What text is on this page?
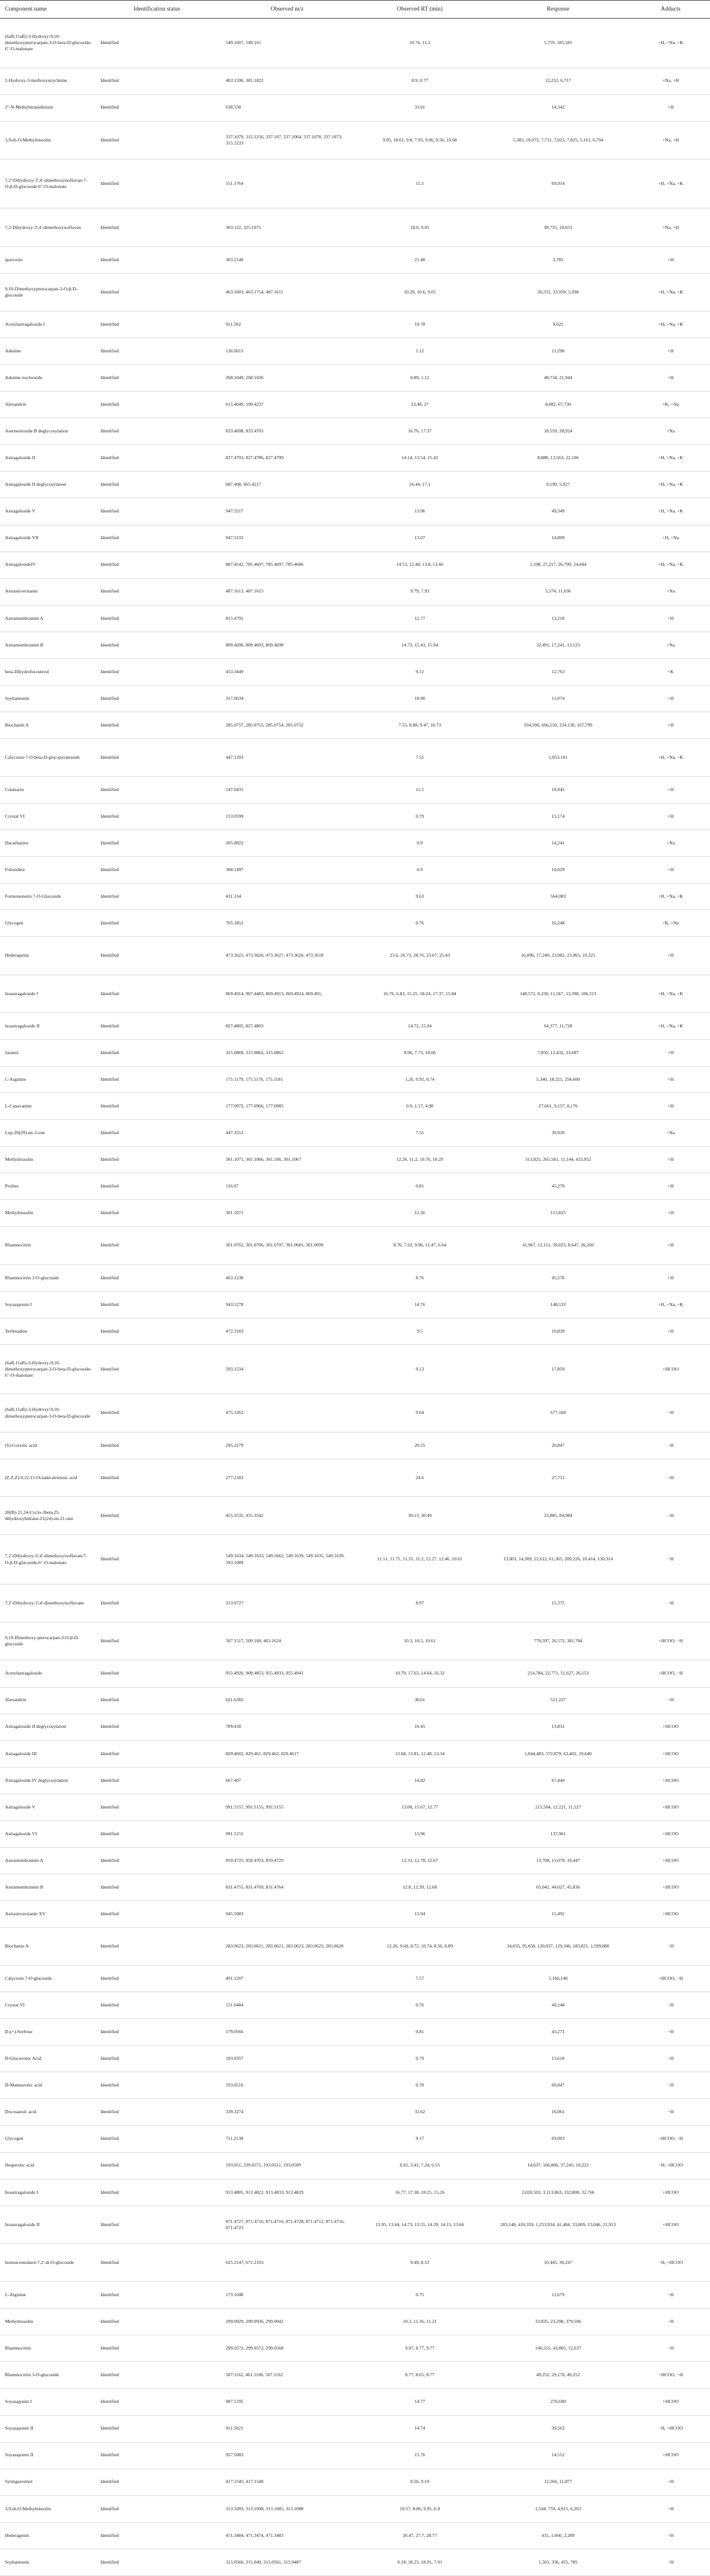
Component name	Identification status	Observed m/z	Observed RT (min)	Response	Adducts
(6aR,11aR)-3-Hydroxy-9,10-dimethoxypterocarpan-3-O-beta-D-glucoside-6"-O-malonate	Identified	549.1607, 549.161	10.76, 11.2	5,759, 185,581	+H, +Na, +K
2-Hydroxy-3-methoxystrychnine	Identified	403.1596, 381.1822	0.9, 0.77	12,252, 6,717	+Na, +H
2''-N-Methylstranidinium	Identified	638.558	31.01	14,342	+H
3,9-di-O-Methylnissolin	Identified	337.1079, 315.1256, 337.107, 337.1064, 337.1078, 337.1073, 315.1233	9.95, 18.61, 9.8, 7.93, 9.06, 9.56, 10.68	5,383, 10,072, 7,711, 7,023, 7,825, 5,161, 6,704	+Na, +H
7,2'-Dihydroxy-3',4'-dimethoxyisoflavan-7-O-β-D-glucoside-6"-O-malonate	Identified	551.1764	11.5	69,914	+H, +Na, +K
7,2-Dihydroxy-3',4'-dimethoxyisoflavan	Identified	303.122, 325.1075	10.6, 9.05	49,755, 10,653	+Na, +H
quercetin	Identified	303.2140	21.48	3,785	+H
9,10-Dimethoxypterocarpan-3-O-β-D-glucoside	Identified	463.1603, 463.1754, 487.1611	10.29, 10.6, 9.05	36,531, 33,939, 5,938	+H, +Na, +K
Acetylastragaloside I	Identified	911.502	19.78	9,625	+H, +Na, +K
Adenine	Identified	136.0615	1.12	11,290	+H
Adenine nucleoside	Identified	268.1049, 268.1036	0.89, 1.12	48,734, 21,944	+H
Alexandrin	Identified	615.4049, 599.4237	23.48, 27	8,082, 67,730	+K, +Na
Asernestioside B deglycosylation	Identified	833.4698, 833.4703	16.76, 17.37	18,559, 28,924	+Na
Astragaloside II	Identified	827.4793, 827.4786, 827.4799	14.14, 13.54, 15.43	8,888, 13,563, 22,106	+H, +Na, +K
Astragaloside II deglycosylation	Identified	687.408, 665.4217	16.44, 17.1	9,190, 5,927	+H, +Na, +K
Astragaloside V	Identified	947.5217	13.96	49,349	+H, +Na, +K
Astragaloside VII	Identified	947.5233	13.07	14,809	+H, +Na
AstragalosideIV	Identified	807.4542, 785.4697, 785.4697, 785.4686	14.53, 12.48, 13.8, 13.66	5,198, 27,217, 26,799, 24,844	+H, +Na, +K
Astrasieversianin	Identified	487.1613, 487.1615	9.79, 7.93	5,574, 11,636	+Na
Astramembrannin A	Identified	815.4791	12.77	11,218	+H
Astramembrannin B	Identified	809.4696, 809.4693, 809.4698	14.73, 15.43, 15.94	32,491, 17,241, 13,123	+Na
beta-Dihydrofucosterol	Identified	453.3449	9.12	12,763	+K
Soyhannsnin	Identified	317.0634	18.90	11,074	+H
Biochanin A	Identified	285.0757, 285.0755, 285.0754, 285.0752	7.55, 8.88, 9.47, 10.73	934,596, 666,150, 234,130, 167,799	+H
Calycosin-7-O-beta-D-glucopyranoside	Identified	447.1293	7.55	1,053,101	+H, +Na, +K
Coumarin	Identified	147.0431	11.5	10,945	+H
Crystal VI	Identified	153.0599	0.79	13,174	+H
Dacarbazine	Identified	205.0822	0.9	14,241	+Na
Folosidine	Identified	308.1497	0.9	10,029	+H
Formononetin 7-O-Glucoside	Identified	431.134	9.63	564,083	+H, +Na, +K
Glycogen	Identified	705.1852	0.76	16,248	+K, +Na
Hederagenin	Identified	473.3621, 473.3626, 473.3627, 473.3626, 473.3618	23.6, 26.73, 28.76, 23.67, 25.43	16,096, 17,249, 23,982, 23,965, 10,325	+H
Isoastragaloside I	Identified	869.4914, 907.4483, 869.4913, 869.4924, 869.491,	16.76, 6.83, 15.25, 18.24, 17.37, 15.84	148,572, 8,230, 11,567, 13,398, 106,313	+H, +Na, +K
Isoastragaloside II	Identified	827.4805, 827.4803	14.72, 15.94	64,377, 11,728	+H, +Na, +K
Jaranol	Identified	315.0869, 315.0862, 315.0862	8.96, 7.73, 18.06	7,850, 12,432, 33,687	+H
L-Arginine	Identified	175.1179, 175.1176, 175.1181	1.26, 0.92, 0.74	5,340, 18,321, 254,600	+H
L-Canavanine	Identified	177.0972, 177.0966, 177.0985	0.9, 1.17, 4.98	27,661, 9,157, 8,176	+H
Lup-20(29)-en-3-one	Identified	447.3553	7.55	39,939	+Na
Methylnissolin	Identified	301.1071, 301.1066, 301.106, 301.1067	12.26, 11.2, 10.76, 10.29	313,825, 265,581, 11,144, 433,952	+H
Proline	Identified	116.07	0.81	45,270	+H
Methylnissolin	Identified	301.1071	12.26	113,825	+H
Rhamnocitrin	Identified	301.0702, 301.0706, 301.0707, 301.0681, 301.0099	8.76, 7.62, 9.96, 11.47, 6.64	41,967, 12,111, 39,023, 8,647, 26,260	+H
Rhamnocitrin 3-O-glucoside	Identified	463.1238	8.76	45,576	+H
Soyasaponin I	Identified	943.5278	14.76	148,133	+H, +Na, +K
Terfenadine	Identified	472.3183	9.5	10,839	+H
(6aR,11aR)-3-Hydroxy-9,10-dimethoxypterocarpan-3-O-beta-D-glucoside-6"-O-malonate	Identified	593.1534	9.13	17,859	+HCOO
(6aR,11aR)-3-Hydroxy-9,10-dimethoxypterocarpan-3-O-beta-D-glucoside	Identified	475.1262	9.64	677,184	−H
(S)-Coriolic acid	Identified	295.2279	20.25	20,847	−H
(Z,Z,Z)-9,12,15-Octadecatrienoic acid	Identified	277.2183	24.6	27,711	−H
20(R)-21,24-Cyclo-3beta,25-dihydroxyhidrane-21(24)-en-21-one	Identified	455.3535, 455.3542	30.13, 30.49	23,885, 84,984	−H
7,2'-Dihydroxy-3',4'-dimethoxyisoflavan-7-O-β-D-glucoside-6"-O-malonate	Identified	549.1634, 549.1633, 549.1662, 549.1639, 549.1635, 549.1639, 593.1089	11.51, 11.71, 11.35, 11.2, 12.27, 12.46, 10.61	13,003, 14,309, 22,612, 61,365, 209,226, 10,414, 130,314	−H
7,2'-Dihydroxy-3',4'-dimethoxyisoflavane	Identified	313.0727	8.97	15,375	−H
9,10-Dimethoxy-pterocarpan-3-O-β-D-glucoside	Identified	507.1517, 509.168, 463.1624	10.3, 10.5, 10.61	770,597, 26,572, 381,784	+HCOO, −H
Acetylastragaloside	Identified	955.4926, 909.4853, 955.4933, 955.4941	19.79, 17.63, 14.64, 16.32	214,784, 22,771, 51,627, 26,153	+HCOO, −H
Alexandrin	Identified	621.6382	30.61	521,227	−H
Astragaloside II deglycosylation	Identified	709.418	16.45	13,831	+HCOO
Astragaloside III	Identified	829.4602, 829.461, 829.462, 829.4617	13.68, 13.81, 12.48, 13.34	1,044,483, 572,879, 63,402, 19,640	+HCOO
Astragaloside IV deglycosylation	Identified	667.407	14.82	67,444	+HCOO
Astragaloside V	Identified	991.5157, 991.5155, 991.5155	13.08, 15.67, 12.77	215,504, 12,221, 11,527	+HCOO
Astragaloside VI	Identified	991.5155	13.96	137,961	+HCOO
Astramembrannin A	Identified	859.4725, 859.4703, 859.4729	12.33, 12.78, 12.67	13,708, 15,079, 19,447	+HCOO
Astramembrannin B	Identified	831.4755, 831.4769, 831.4764	12.8, 12.39, 12.68	65,042, 44,027, 45,836	+HCOO
Astrasieversianin XV	Identified	945.5083	13.94	15,492	+HCOO
Biochanin A	Identified	283.0623, 283.0621, 283.0621, 283.0623, 283.0623, 283.0628	12.26, 9.68, 8.72, 10.74, 8.56, 8.89	34,035, 95,658, 120,937, 129,346, 183,821, 1,599,880	−H
Calycosin 7-O-glucoside	Identified	491.1207	7.57	1,166,148	+HCOO, −H
Crystal VI	Identified	151.0484	0.76	40,248	−H
D-(+)-Sorbose	Identified	179.0566	0.81	43,271	−H
D-Glucuronic Acid	Identified	193.0357	0.79	11,618	−H
D-Mannuronic acid	Identified	193.0516	0.78	60,847	−H
Docosanoic acid	Identified	339.3274	33.62	16,061	−H
Glycogen	Identified	711.2138	9.17	69,003	+HCOO, −H
Hesperetic acid	Identified	193.051, 239.0571, 193.0511, 193.0509	6.65, 3.41, 7.24, 6.55	14,637, 166,006, 37,245, 10,222	−H, +HCOO
Isoastragaloside I	Identified	913.4805, 913.4822, 913.4833, 913.4829	16.77, 17.38, 18.25, 15.26	2,020,503, 3,113,863, 332,808, 32,766	+HCOO
Isoastragaloside II	Identified	871.4727, 871.4716, 871.4716, 871.4728, 871.4712, 871.4716, 871.4723	15.95, 13.44, 14.73, 13.55, 14.39, 14.15, 13.66	283,148, 410,359, 1,253,934, 41,484, 33,869, 13,046, 21,913	+HCOO
Isomucronulatol-7,2'-di-O-glucoside	Identified	625.2147, 671.2193	9.49, 8.53	10,445, 30,247	−H, +HCOO
L-Arginine	Identified	173.1048	0.75	11,679	−H
Methylnissolin	Identified	299.0929, 299.0936, 299.0942	10.3, 11.36, 11.21	33,835, 23,298, 379,506	−H
Rhamnocitrin	Identified	299.0572, 299.0572, 299.0568	9.97, 8.77, 9.77	146,515, 43,805, 12,637	−H
Rhamnocitrin 3-O-glucoside	Identified	507.1162, 461.1106, 507.1162	8.77, 8.65, 8.77	49,252, 29,170, 49,252	+HCOO, −H
Soyasaponin I	Identified	987.5195	14.77	276,690	+HCOO
Soyasaponin II	Identified	911.5021	14.74	39,563	−H, +HCOO
Soyasaponin II	Identified	957.5083	15.76	14,512	+HCOO
Syringaresinol	Identified	417.1545, 417.1548	8.56, 9.19	12,266, 11,877	−H
3,9-di-O-Methylnissolin	Identified	313.1093, 313.1098, 313.1085, 313.1088	10.17, 8.86, 9.95, 6.9	1,544, 759, 4,915, 6,263	−H
Hederagenin	Identified	471.3484, 471.3474, 471.3483	26.47, 27.7, 28.77	415, 1,666, 2,289	−H
Soyhannsnin	Identified	315.0566, 315.049, 315.0561, 315.0487	9.18, 18.23, 18.91, 7.91	1,501, 336, 455, 785	−H
